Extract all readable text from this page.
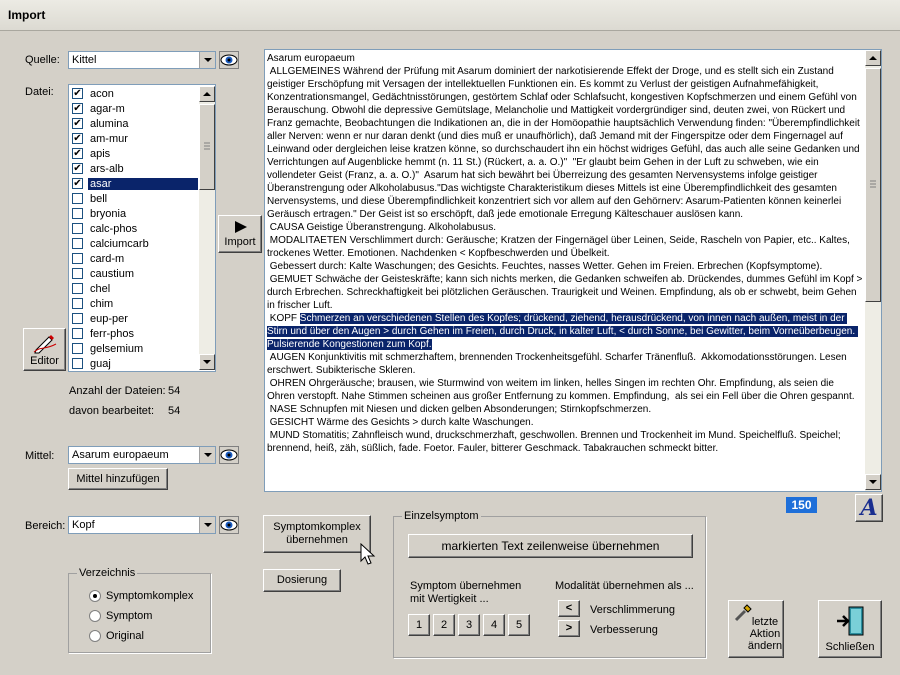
Import
Quelle: Kittel
Datei: ✔ acon
✔ agar-m
✔ alumina
✔ am-mur
✔ apis
✔ ars-alb
✔ asar
bell
bryonia
calc-phos
calciumcarb
card-m
caustium
chel
chim
eup-per
ferr-phos
gelsemium
guaj
Import
Editor
Anzahl der Dateien: 54
davon bearbeitet: 54
Mittel: Asarum europaeum
Mittel hinzufügen
Bereich: Kopf
Verzeichnis
Symptomkomplex
Symptom
Original
Asarum europaeum
ALLGEMEINES Während der Prüfung mit Asarum dominiert der narkotisierende Effekt der Droge, und es stellt sich ein Zustand geistiger Erschöpfung mit Versagen der intellektuellen Funktionen ein. Es kommt zu Verlust der geistigen Aufnahmefähigkeit, Konzentrationsmangel, Gedächtnisstörungen, gestörtem Schlaf oder Schlafsucht, kongestiven Kopfschmerzen und einem Gefühl von Berauschung. Obwohl die depressive Gemütslage, Melancholie und Mattigkeit vordergründiger sind, deuten zwei, von Rückert und Franz gemachte, Beobachtungen die Indikationen an, die in der Homöopathie hauptsächlich Verwendung finden: "Überempfindlichkeit aller Nerven: wenn er nur daran denkt (und dies muß er unaufhörlich), daß Jemand mit der Fingerspitze oder dem Fingernagel auf Leinwand oder dergleichen leise kratzen könne, so durchschaudert ihn ein höchst widriges Gefühl, das auch alle seine Gedanken und Verrichtungen auf Augenblicke hemmt (n. 11 St.) (Rückert, a. a. O.)"  "Er glaubt beim Gehen in der Luft zu schweben, wie ein vollendeter Geist (Franz, a. a. O.)"  Asarum hat sich bewährt bei Überreizung des gesamten Nervensystems infolge geistiger Überanstrengung oder Alkoholabusus."Das wichtigste Charakteristikum dieses Mittels ist eine Überempfindlichkeit des gesamten Nervensystems, und diese Überempfindlichkeit konzentriert sich vor allem auf den Gehörnerv: Asarum-Patienten können keinerlei Geräusch ertragen." Der Geist ist so erschöpft, daß jede emotionale Erregung Kälteschauer auslösen kann.
CAUSA Geistige Überanstrengung. Alkoholabusus.
MODALITAETEN Verschlimmert durch: Geräusche; Kratzen der Fingernägel über Leinen, Seide, Rascheln von Papier, etc.. Kaltes, trockenes Wetter. Emotionen. Nachdenken < Kopfbeschwerden und Übelkeit.
Gebessert durch: Kalte Waschungen; des Gesichts. Feuchtes, nasses Wetter. Gehen im Freien. Erbrechen (Kopfsymptome).
GEMUET Schwäche der Geisteskräfte; kann sich nichts merken, die Gedanken schweifen ab. Drückendes, dummes Gefühl im Kopf > durch Erbrechen. Schreckhaftigkeit bei plötzlichen Geräuschen. Traurigkeit und Weinen. Empfindung, als ob er schwebt, beim Gehen in frischer Luft.
KOPF Schmerzen an verschiedenen Stellen des Kopfes; drückend, ziehend, herausdrückend, von innen nach außen, meist in der Stirn und über den Augen > durch Gehen im Freien, durch Druck, in kalter Luft, < durch Sonne, bei Gewitter, beim Vorneüberbeugen. Pulsierende Kongestionen zum Kopf.
AUGEN Konjunktivitis mit schmerzhaftem, brennenden Trockenheitsgefühl. Scharfer Tränenfluß.  Akkomodationsstörungen. Lesen erschwert. Subikterische Skleren.
OHREN Ohrgeräusche; brausen, wie Sturmwind von weitem im linken, helles Singen im rechten Ohr. Empfindung, als seien die Ohren verstopft. Nahe Stimmen scheinen aus großer Entfernung zu kommen. Empfindung,  als sei ein Fell über die Ohren gespannt.
NASE Schnupfen mit Niesen und dicken gelben Absonderungen; Stirnkopfschmerzen.
GESICHT Wärme des Gesichts > durch kalte Waschungen.
MUND Stomatitis; Zahnfleisch wund, druckschmerzhaft, geschwollen. Brennen und Trockenheit im Mund. Speichelfluß. Speichel; brennend, heiß, zäh, süßlich, fade. Foetor. Fauler, bitterer Geschmack. Tabakrauchen schmeckt bitter.
150 A
Symptomkomplex übernehmen
Dosierung
Einzelsymptom
markierten Text zeilenweise übernehmen
Symptom übernehmen mit Wertigkeit ...
1	2	3	4	5
Modalität übernehmen als ...
<	Verschlimmerung
>	Verbesserung
letzte Aktion ändern	Schließen
